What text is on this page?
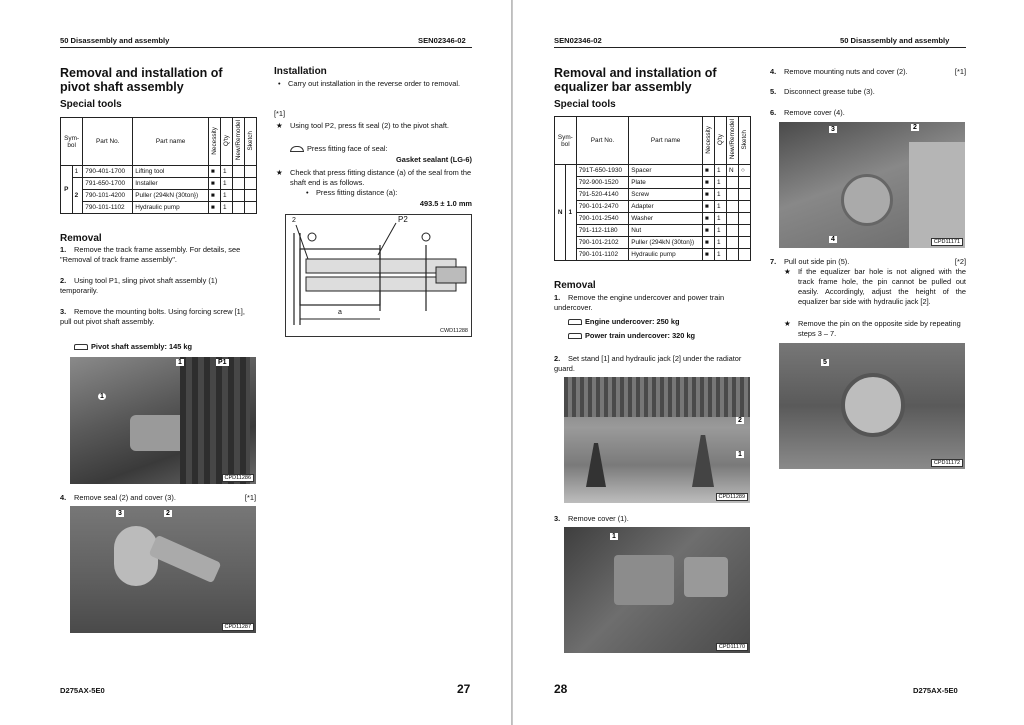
50 Disassembly and assembly	SEN02346-02
Removal and installation of
pivot shaft assembly
Special tools
Sym-bol		Part No.	Part name	Necessity	Q'ty	New/Remodel	Sketch
P	1	790-401-1700	Lifting tool	■	1		
	2	791-650-1700	Installer	■	1		
		790-101-4200	Puller (294kN {30ton})	■	1		
		790-101-1102	Hydraulic pump	■	1		
Removal
1. Remove the track frame assembly. For details, see "Removal of track frame assembly".
2. Using tool P1, sling pivot shaft assembly (1) temporarily.
3. Remove the mounting bolts. Using forcing screw [1], pull out pivot shaft assembly.
Pivot shaft assembly: 145 kg
1	P1
1
CPD11286
4. Remove seal (2) and cover (3).	[*1]
3	2
CPD11287
Installation
• Carry out installation in the reverse order to removal.
[*1]
★ Using tool P2, press fit seal (2) to the pivot shaft.
Press fitting face of seal:
Gasket sealant (LG-6)
★ Check that press fitting distance (a) of the seal from the shaft end is as follows.
• Press fitting distance (a):
493.5 ± 1.0 mm
2	P2
a
CWD11288
D275AX-5E0	27
SEN02346-02	50 Disassembly and assembly
Removal and installation of
equalizer bar assembly
Special tools
Sym-bol		Part No.	Part name	Necessity	Q'ty	New/Remodel	Sketch
N	1	791T-650-1930	Spacer	■	1	N	○
		792-900-1520	Plate	■	1		
		791-520-4140	Screw	■	1		
		790-101-2470	Adapter	■	1		
		790-101-2540	Washer	■	1		
		791-112-1180	Nut	■	1		
		790-101-2102	Puller (294kN {30ton})	■	1		
		790-101-1102	Hydraulic pump	■	1		
Removal
1. Remove the engine undercover and power train undercover.
Engine undercover: 250 kg
Power train undercover: 320 kg
2. Set stand [1] and hydraulic jack [2] under the radiator guard.
2
1
CPD11289
3. Remove cover (1).
1
CPD11170
4. Remove mounting nuts and cover (2).	[*1]
5. Disconnect grease tube (3).
6. Remove cover (4).
3	2
4	CPD11171
7. Pull out side pin (5).	[*2]
★ If the equalizer bar hole is not aligned with the track frame hole, the pin cannot be pulled out easily. Accordingly, adjust the height of the equalizer bar side with hydraulic jack [2].
★ Remove the pin on the opposite side by repeating steps 3 – 7.
5
CPD11172
28	D275AX-5E0
